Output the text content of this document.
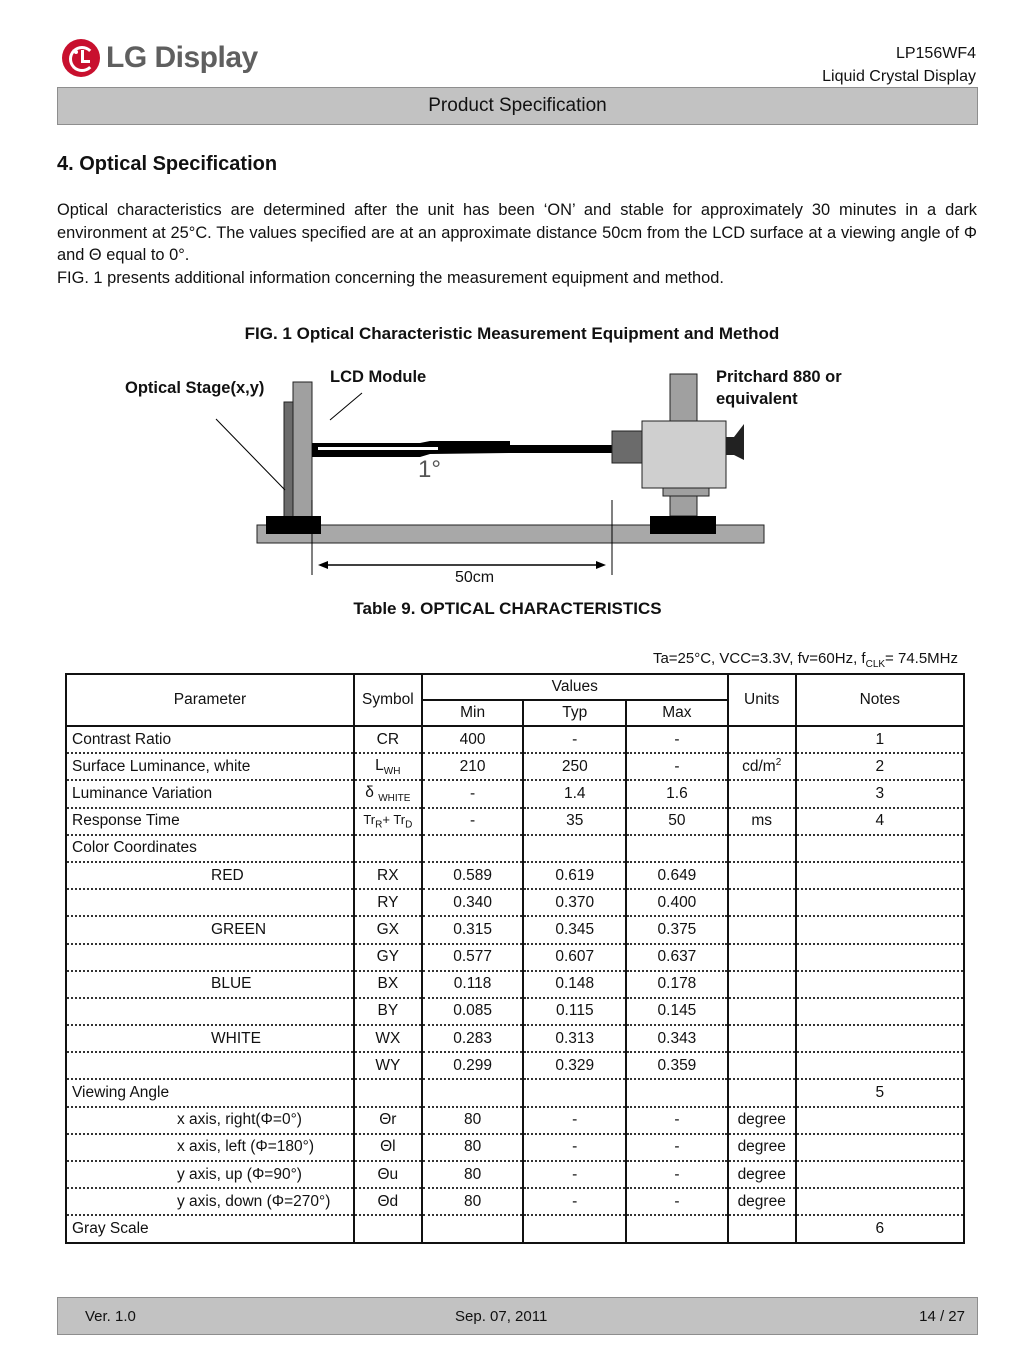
LG Display	LP156WF4
Liquid Crystal Display
Product Specification
4. Optical Specification

Optical characteristics are determined after the unit has been ‘ON’ and stable for approximately 30 minutes in a dark environment at 25°C. The values specified are at an approximate distance 50cm from the LCD surface at a viewing angle of Φ and Θ equal to 0°.

FIG. 1 presents additional information concerning the measurement equipment and method.

FIG. 1 Optical Characteristic Measurement Equipment and Method
Optical Stage(x,y)
LCD Module	Pritchard 880 or
equivalent
1°
50cm
Table 9. OPTICAL CHARACTERISTICS
Ta=25°C, VCC=3.3V, fv=60Hz, $f_{CLK}= 74.5MHz$
Parameter	Symbol	Values			Units	Notes
		Min	Typ	Max		
Contrast Ratio	CR	400	-	-		1
Surface Luminance, white	$L_{WH}$	210	250	-	$cd/m^2$	2
Luminance Variation	δ $_{WHITE}$	-	1.4	1.6		3
Response Time	$Tr_R+ Tr_D$	-	35	50	ms	4
Color Coordinates						
RED	RX	0.589	0.619	0.649		
	RY	0.340	0.370	0.400		
GREEN	GX	0.315	0.345	0.375		
	GY	0.577	0.607	0.637		
BLUE	BX	0.118	0.148	0.178		
	BY	0.085	0.115	0.145		
WHITE	WX	0.283	0.313	0.343		
	WY	0.299	0.329	0.359		
Viewing Angle						5
x axis, right(Φ=0°)	Θr	80	-	-	degree	
x axis, left (Φ=180°)	Θl	80	-	-	degree	
y axis, up (Φ=90°)	Θu	80	-	-	degree	
y axis, down (Φ=270°)	Θd	80	-	-	degree	
Gray Scale						6
Ver. 1.0	Sep. 07, 2011	14 / 27
